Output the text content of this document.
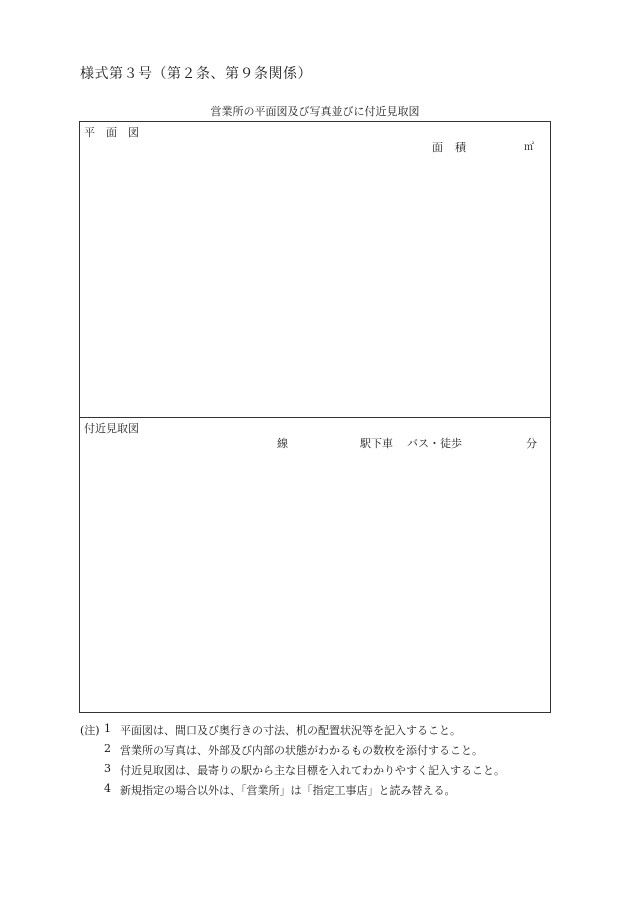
様式第３号（第２条、第９条関係）
営業所の平面図及び写真並びに付近見取図
平　面　図
面　積	㎡
付近見取図
線	駅下車 バス・徒歩	分
(注) 1 平面図は、間口及び奥行きの寸法、机の配置状況等を記入すること。
2 営業所の写真は、外部及び内部の状態がわかるもの数枚を添付すること。
3 付近見取図は、最寄りの駅から主な目標を入れてわかりやすく記入すること。
4 新規指定の場合以外は、「営業所」は「指定工事店」と読み替える。
